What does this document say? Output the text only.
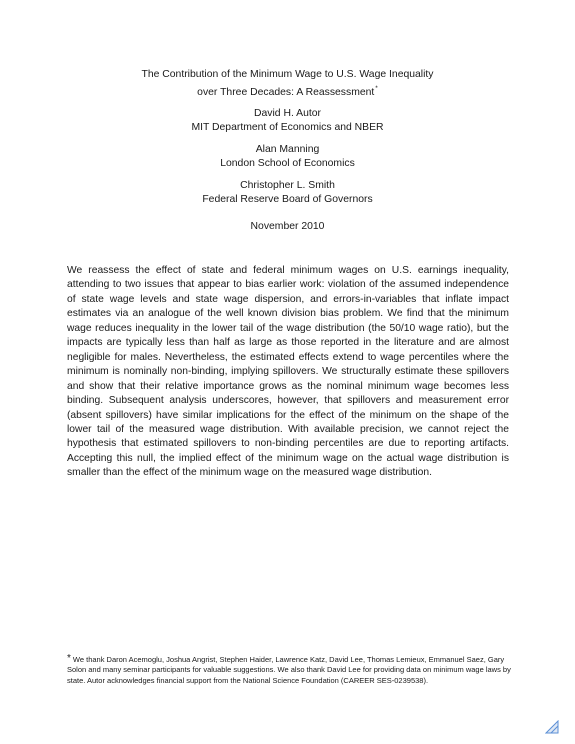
The Contribution of the Minimum Wage to U.S. Wage Inequality
over Three Decades: A Reassessment*
David H. Autor
MIT Department of Economics and NBER
Alan Manning
London School of Economics
Christopher L. Smith
Federal Reserve Board of Governors
November 2010

We reassess the effect of state and federal minimum wages on U.S. earnings inequality, attending to two issues that appear to bias earlier work: violation of the assumed independence of state wage levels and state wage dispersion, and errors-in-variables that inflate impact estimates via an analogue of the well known division bias problem. We find that the minimum wage reduces inequality in the lower tail of the wage distribution (the 50/10 wage ratio), but the impacts are typically less than half as large as those reported in the literature and are almost negligible for males. Nevertheless, the estimated effects extend to wage percentiles where the minimum is nominally non-binding, implying spillovers. We structurally estimate these spillovers and show that their relative importance grows as the nominal minimum wage becomes less binding. Subsequent analysis underscores, however, that spillovers and measurement error (absent spillovers) have similar implications for the effect of the minimum on the shape of the lower tail of the measured wage distribution. With available precision, we cannot reject the hypothesis that estimated spillovers to non-binding percentiles are due to reporting artifacts. Accepting this null, the implied effect of the minimum wage on the actual wage distribution is smaller than the effect of the minimum wage on the measured wage distribution.

* We thank Daron Acemoglu, Joshua Angrist, Stephen Haider, Lawrence Katz, David Lee, Thomas Lemieux, Emmanuel Saez, Gary Solon and many seminar participants for valuable suggestions. We also thank David Lee for providing data on minimum wage laws by state. Autor acknowledges financial support from the National Science Foundation (CAREER SES-0239538).
